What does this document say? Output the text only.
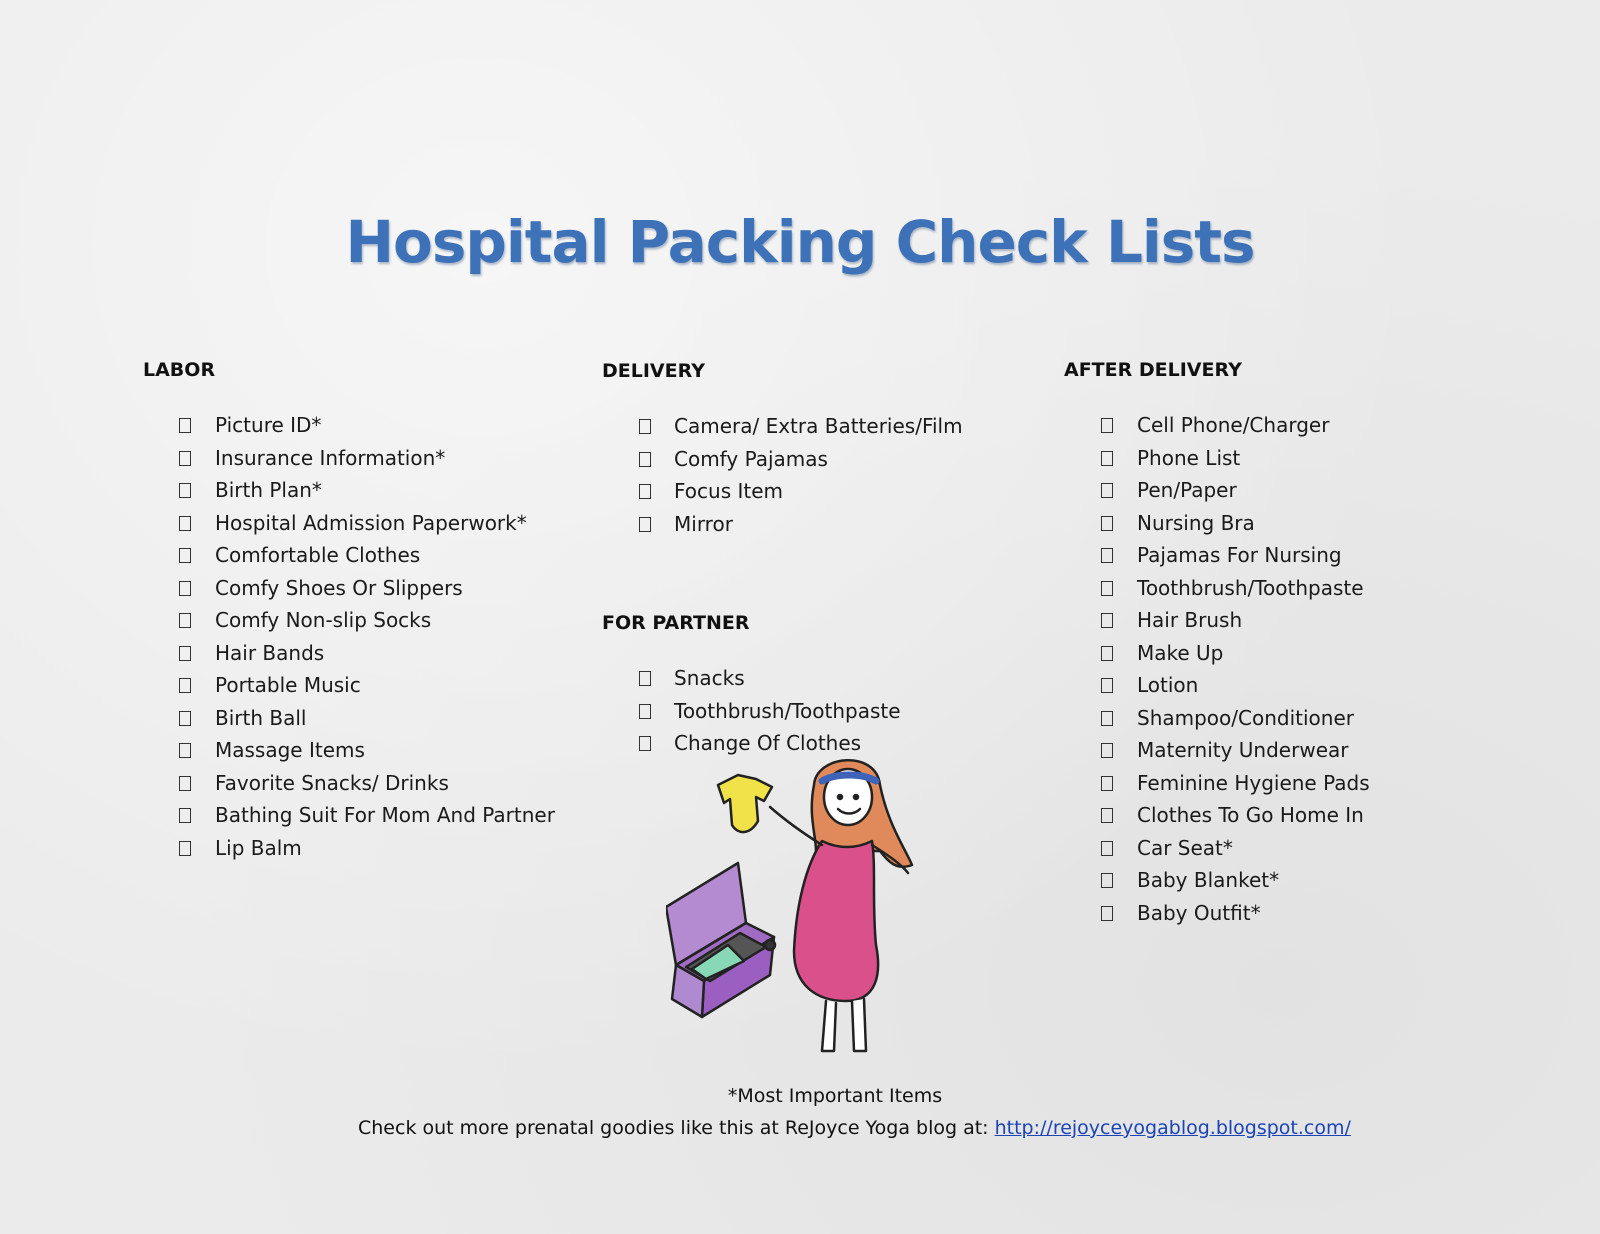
Hospital Packing Check Lists
LABOR
Picture ID*
Insurance Information*
Birth Plan*
Hospital Admission Paperwork*
Comfortable Clothes
Comfy Shoes Or Slippers
Comfy Non-slip Socks
Hair Bands
Portable Music
Birth Ball
Massage Items
Favorite Snacks/ Drinks
Bathing Suit For Mom And Partner
Lip Balm
DELIVERY
Camera/ Extra Batteries/Film
Comfy Pajamas
Focus Item
Mirror
FOR PARTNER
Snacks
Toothbrush/Toothpaste
Change Of Clothes
AFTER DELIVERY
Cell Phone/Charger
Phone List
Pen/Paper
Nursing Bra
Pajamas For Nursing
Toothbrush/Toothpaste
Hair Brush
Make Up
Lotion
Shampoo/Conditioner
Maternity Underwear
Feminine Hygiene Pads
Clothes To Go Home In
Car Seat*
Baby Blanket*
Baby Outfit*
*Most Important Items
Check out more prenatal goodies like this at ReJoyce Yoga blog at: http://rejoyceyogablog.blogspot.com/
